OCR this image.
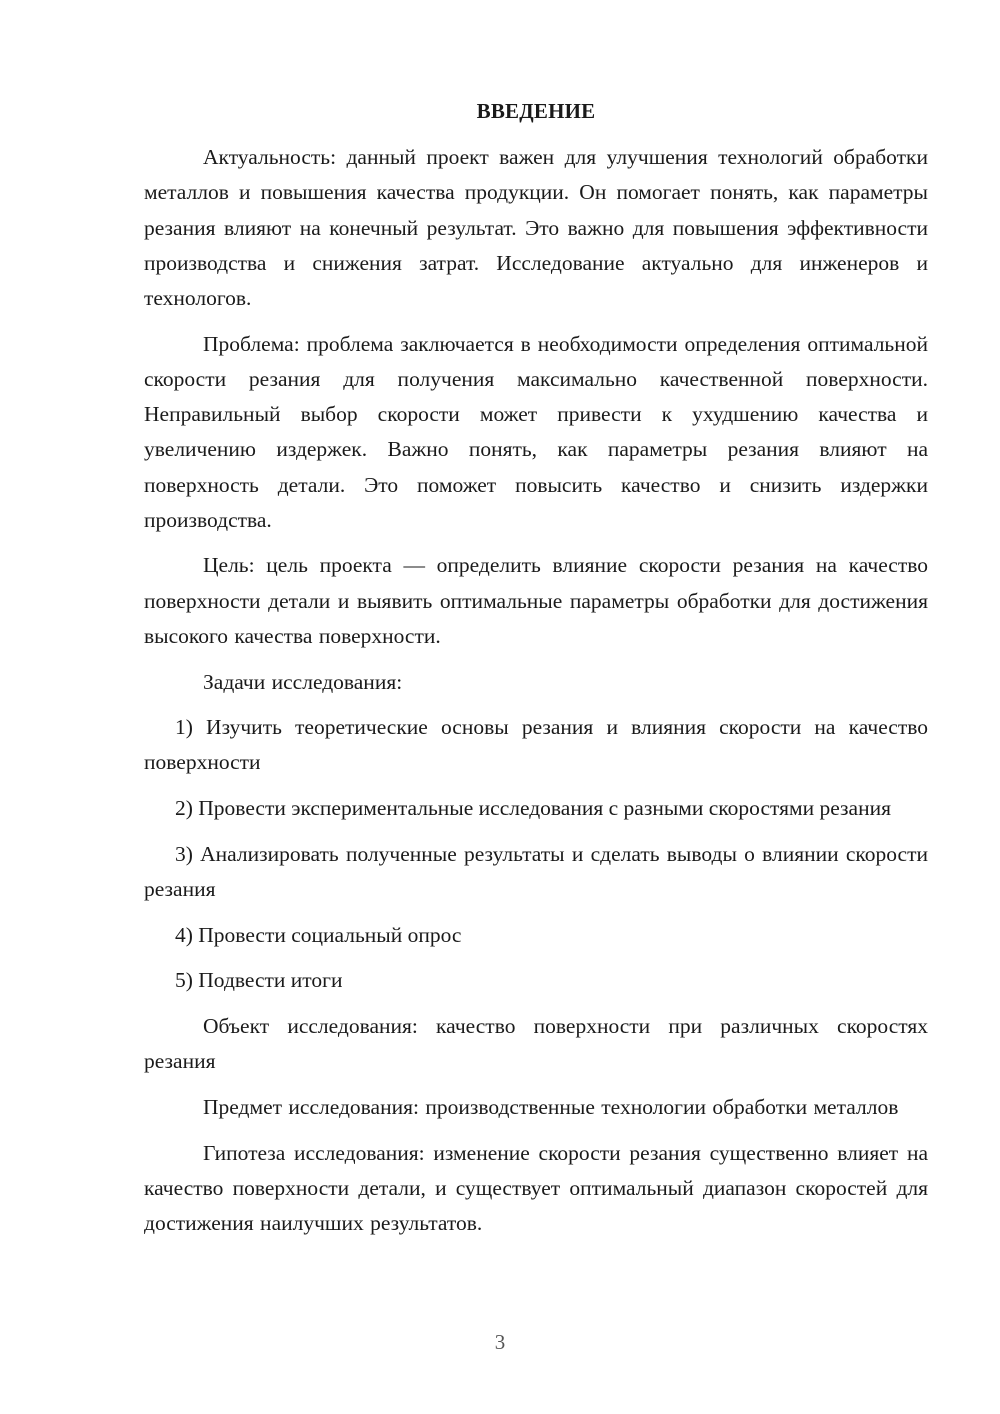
ВВЕДЕНИЕ

Актуальность: данный проект важен для улучшения технологий обработки металлов и повышения качества продукции. Он помогает понять, как параметры резания влияют на конечный результат. Это важно для повышения эффективности производства и снижения затрат. Исследование актуально для инженеров и технологов.

Проблема: проблема заключается в необходимости определения оптимальной скорости резания для получения максимально качественной поверхности. Неправильный выбор скорости может привести к ухудшению качества и увеличению издержек. Важно понять, как параметры резания влияют на поверхность детали. Это поможет повысить качество и снизить издержки производства.

Цель: цель проекта — определить влияние скорости резания на качество поверхности детали и выявить оптимальные параметры обработки для достижения высокого качества поверхности.

Задачи исследования:

1) Изучить теоретические основы резания и влияния скорости на качество поверхности

2) Провести экспериментальные исследования с разными скоростями резания

3) Анализировать полученные результаты и сделать выводы о влиянии скорости резания

4) Провести социальный опрос

5) Подвести итоги

Объект исследования: качество поверхности при различных скоростях резания

Предмет исследования: производственные технологии обработки металлов

Гипотеза исследования: изменение скорости резания существенно влияет на качество поверхности детали, и существует оптимальный диапазон скоростей для достижения наилучших результатов.

3
